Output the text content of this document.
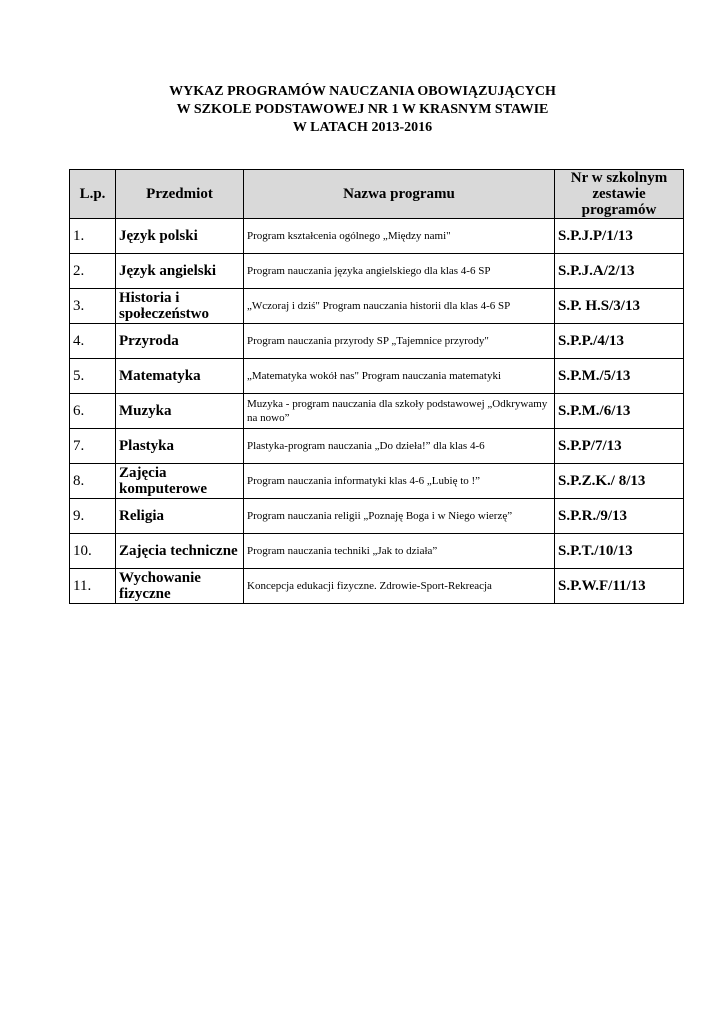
WYKAZ PROGRAMÓW NAUCZANIA OBOWIĄZUJĄCYCH
W SZKOLE PODSTAWOWEJ NR 1 W KRASNYM STAWIE
W LATACH 2013-2016
L.p.	Przedmiot	Nazwa programu	Nr w szkolnym
zestawie programów

1.	Język polski	Program kształcenia ogólnego „Między nami"	S.P.J.P/1/13
2.	Język angielski	Program nauczania języka angielskiego dla klas 4-6 SP	S.P.J.A/2/13
3.	Historia i społeczeństwo	„Wczoraj i dziś" Program nauczania historii dla klas 4-6 SP	S.P. H.S/3/13
4.	Przyroda	Program nauczania przyrody SP „Tajemnice przyrody"	S.P.P./4/13
5.	Matematyka	„Matematyka wokół nas" Program nauczania matematyki	S.P.M./5/13
6.	Muzyka	Muzyka - program nauczania dla szkoły podstawowej „Odkrywamy na nowo”	S.P.M./6/13
7.	Plastyka	Plastyka-program nauczania „Do dzieła!” dla klas 4-6	S.P.P/7/13
8.	Zajęcia komputerowe	Program nauczania informatyki klas 4-6 „Lubię to !”	S.P.Z.K./ 8/13
9.	Religia	Program nauczania religii „Poznaję Boga i w Niego wierzę”	S.P.R./9/13
10.	Zajęcia techniczne	Program nauczania techniki „Jak to działa”	S.P.T./10/13
11.	Wychowanie fizyczne	Koncepcja edukacji fizyczne. Zdrowie-Sport-Rekreacja	S.P.W.F/11/13
